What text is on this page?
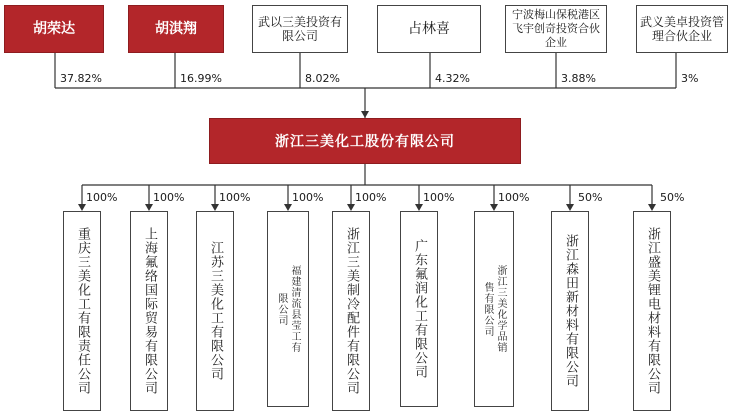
胡荣达	胡淇翔	武以三美投资有限公司	占林喜
宁波梅山保税港区飞宇创奇投资合伙企业
武义美卓投资管理合伙企业
37.82%	16.99%	8.02%	4.32%	3.88%	3%
浙江三美化工股份有限公司
100%	100%	100%	100%	100%	100%	100%	50%	50%
重庆三美化工有限责任公司	上海氟络国际贸易有限公司	江苏三美化工有限公司	福建清流县莹工有限公司	浙江三美制冷配件有限公司	广东氟润化工有限公司	浙江三美化学品销售有限公司	浙江森田新材料有限公司	浙江盛美锂电材料有限公司
